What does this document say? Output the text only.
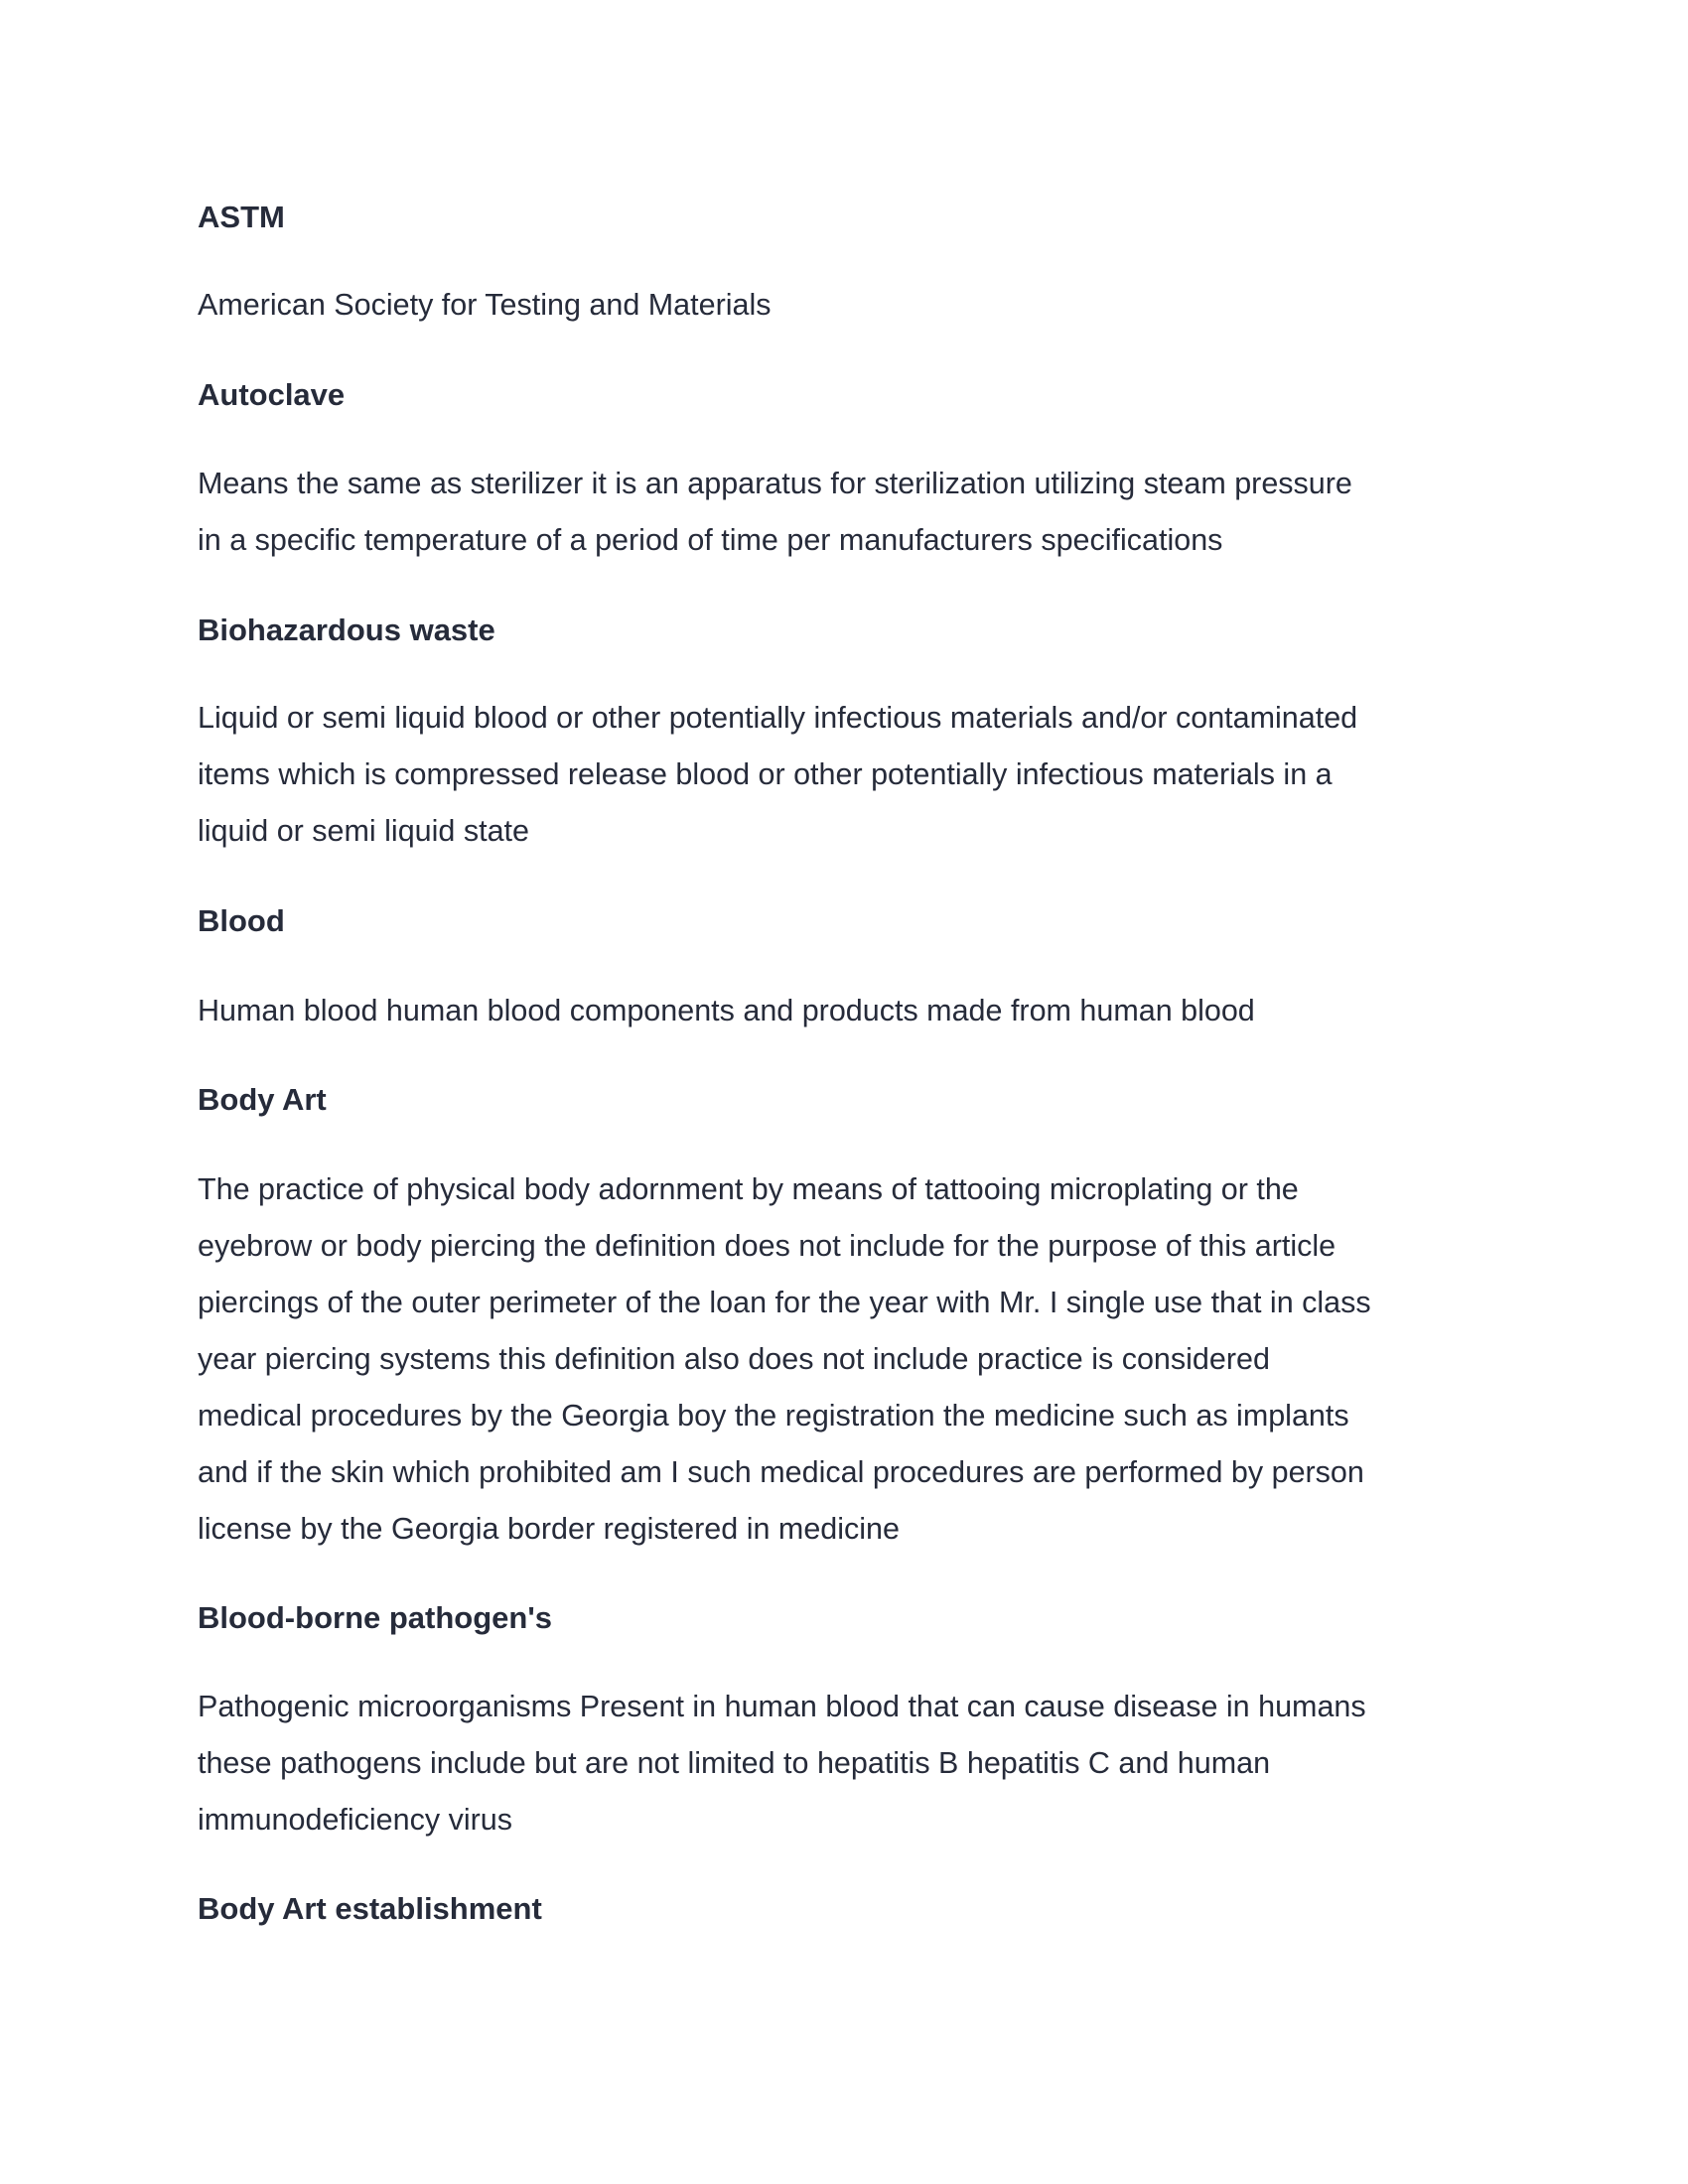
ASTM

American Society for Testing and Materials

Autoclave

Means the same as sterilizer it is an apparatus for sterilization utilizing steam pressure
in a specific temperature of a period of time per manufacturers specifications

Biohazardous waste

Liquid or semi liquid blood or other potentially infectious materials and/or contaminated
items which is compressed release blood or other potentially infectious materials in a
liquid or semi liquid state

Blood

Human blood human blood components and products made from human blood

Body Art

The practice of physical body adornment by means of tattooing microplating or the
eyebrow or body piercing the definition does not include for the purpose of this article
piercings of the outer perimeter of the loan for the year with Mr. I single use that in class
year piercing systems this definition also does not include practice is considered
medical procedures by the Georgia boy the registration the medicine such as implants
and if the skin which prohibited am I such medical procedures are performed by person
license by the Georgia border registered in medicine

Blood-borne pathogen's

Pathogenic microorganisms Present in human blood that can cause disease in humans
these pathogens include but are not limited to hepatitis B hepatitis C and human
immunodeficiency virus

Body Art establishment
